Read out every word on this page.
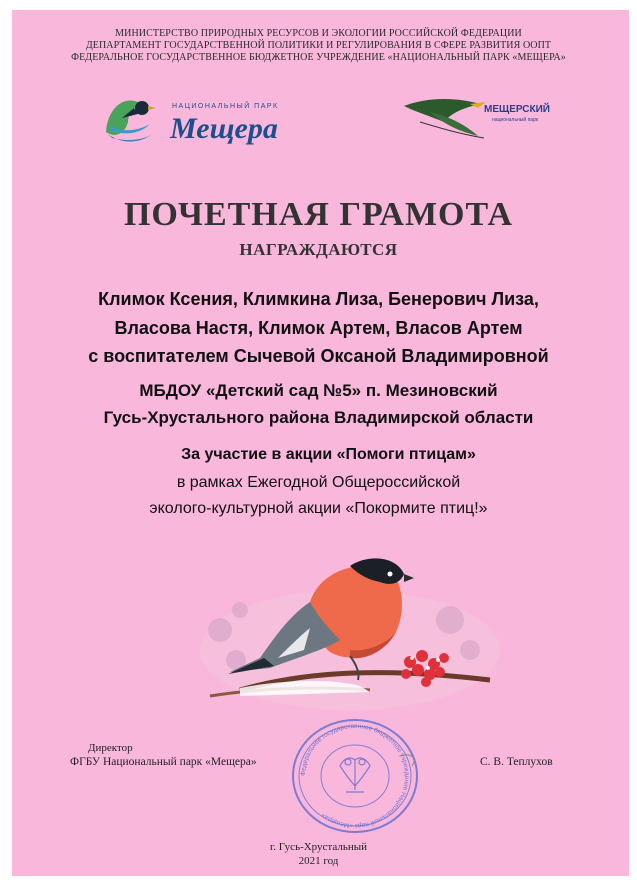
МИНИСТЕРСТВО ПРИРОДНЫХ РЕСУРСОВ И ЭКОЛОГИИ РОССИЙСКОЙ ФЕДЕРАЦИИ
ДЕПАРТАМЕНТ ГОСУДАРСТВЕННОЙ ПОЛИТИКИ И РЕГУЛИРОВАНИЯ В СФЕРЕ РАЗВИТИЯ ООПТ
ФЕДЕРАЛЬНОЕ ГОСУДАРСТВЕННОЕ БЮДЖЕТНОЕ УЧРЕЖДЕНИЕ «НАЦИОНАЛЬНЫЙ ПАРК «МЕЩЕРА»
НАЦИОНАЛЬНЫЙ ПАРК
Мещера
МЕЩЕРСКИЙ
национальный парк
ПОЧЕТНАЯ ГРАМОТА
НАГРАЖДАЮТСЯ
Климок Ксения, Климкина Лиза, Бенерович Лиза,
Власова Настя, Климок Артем, Власов Артем
с воспитателем Сычевой Оксаной Владимировной
МБДОУ «Детский сад №5» п. Мезиновский
Гусь-Хрустального района Владимирской области
За участие в акции «Помоги птицам»
в рамках Ежегодной Общероссийской
эколого-культурной акции «Покормите птиц!»
Директор
ФГБУ Национальный парк «Мещера»	С. В. Теплухов
Федеральное государственное бюджетное учреждение Национальный парк «Мещера»
г. Гусь-Хрустальный
2021 год
